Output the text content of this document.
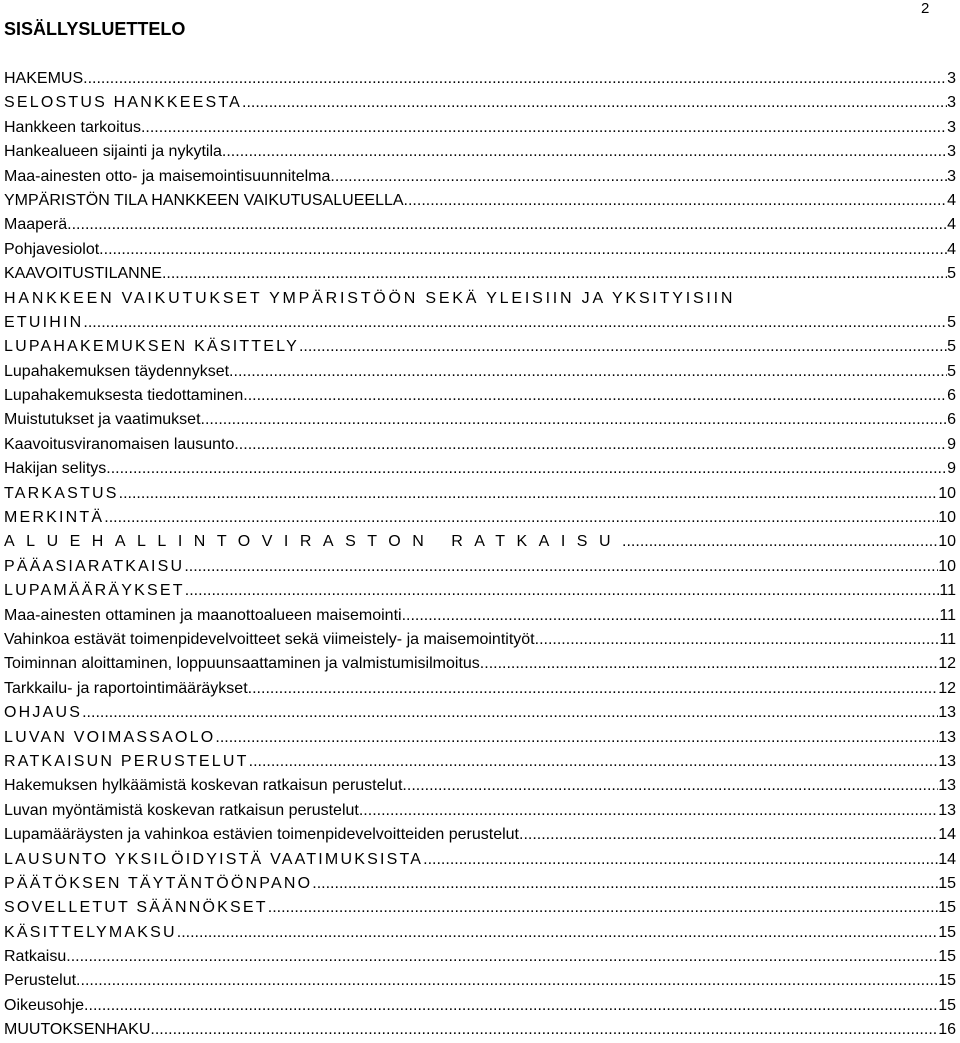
2
SISÄLLYSLUETTELO
HAKEMUS .....	3
SELOSTUS HANKKEESTA .....	3
Hankkeen tarkoitus .....	3
Hankealueen sijainti ja nykytila .....	3
Maa-ainesten otto- ja maisemointisuunnitelma .....	3
YMPÄRISTÖN TILA HANKKEEN VAIKUTUSALUEELLA .....	4
Maaperä .....	4
Pohjavesiolot .....	4
KAAVOITUSTILANNE .....	5
HANKKEEN VAIKUTUKSET YMPÄRISTÖÖN SEKÄ YLEISIIN JA YKSITYISIIN
ETUIHIN .....	5
LUPAHAKEMUKSEN KÄSITTELY .....	5
Lupahakemuksen täydennykset .....	5
Lupahakemuksesta tiedottaminen .....	6
Muistutukset ja vaatimukset .....	6
Kaavoitusviranomaisen lausunto .....	9
Hakijan selitys .....	9
TARKASTUS .....	10
MERKINTÄ .....	10
ALUEHALLINTOVIRASTON RATKAISU .....	10
PÄÄASIARATKAISU .....	10
LUPAMÄÄRÄYKSET .....	11
Maa-ainesten ottaminen ja maanottoalueen maisemointi .....	11
Vahinkoa estävät toimenpidevelvoitteet sekä viimeistely- ja maisemointityöt .....	11
Toiminnan aloittaminen, loppuunsaattaminen ja valmistumisilmoitus .....	12
Tarkkailu- ja raportointimääräykset .....	12
OHJAUS .....	13
LUVAN VOIMASSAOLO .....	13
RATKAISUN PERUSTELUT .....	13
Hakemuksen hylkäämistä koskevan ratkaisun perustelut .....	13
Luvan myöntämistä koskevan ratkaisun perustelut .....	13
Lupamääräysten ja vahinkoa estävien toimenpidevelvoitteiden perustelut .....	14
LAUSUNTO YKSILÖIDYISTÄ VAATIMUKSISTA .....	14
PÄÄTÖKSEN TÄYTÄNTÖÖNPANO .....	15
SOVELLETUT SÄÄNNÖKSET .....	15
KÄSITTELYMAKSU .....	15
Ratkaisu .....	15
Perustelut .....	15
Oikeusohje .....	15
MUUTOKSENHAKU .....	16
